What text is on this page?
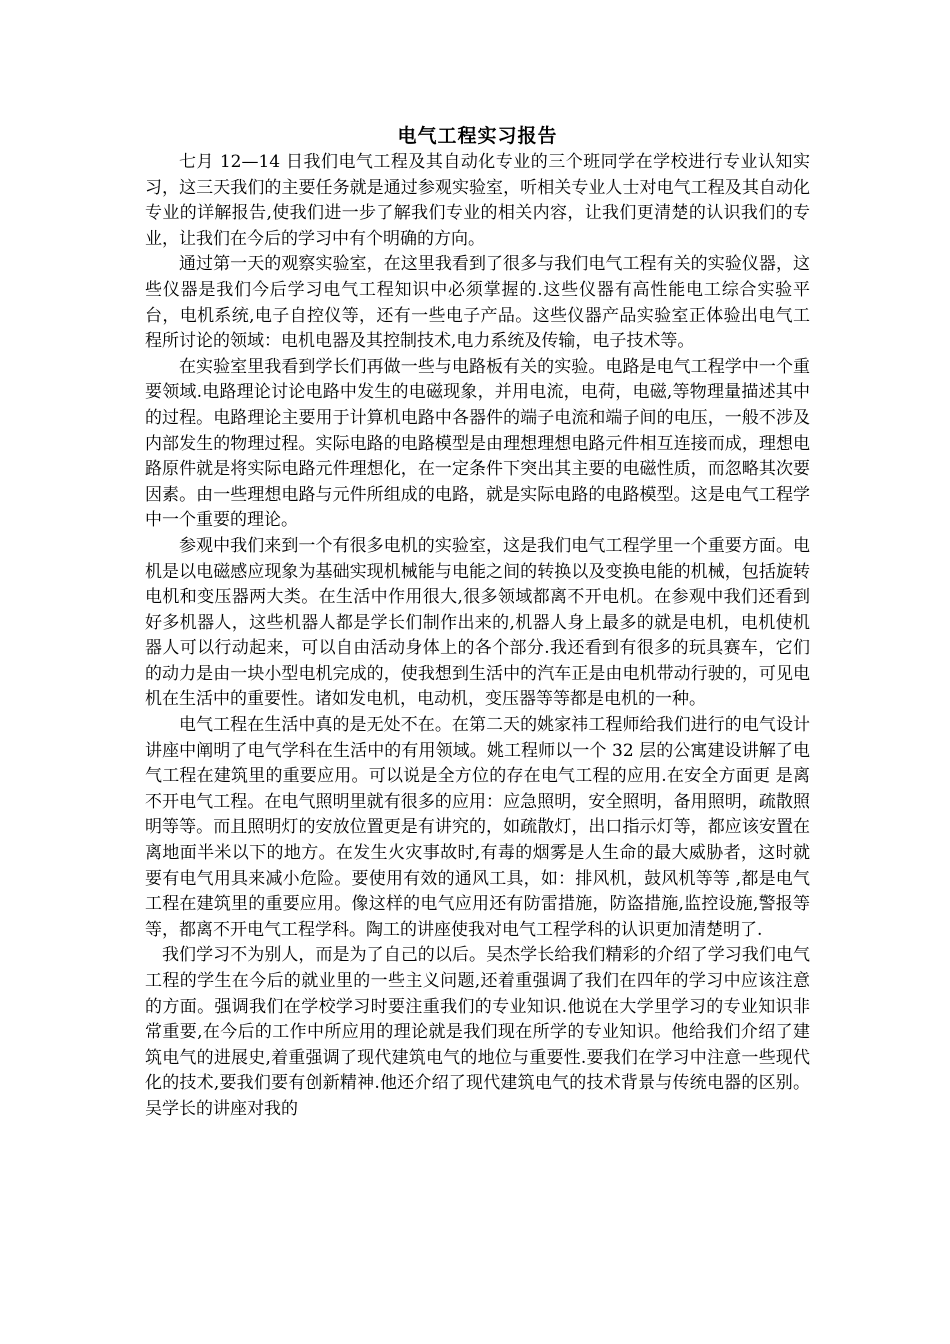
电气工程实习报告

七月 12—14 日我们电气工程及其自动化专业的三个班同学在学校进行专业认知实习，这三天我们的主要任务就是通过参观实验室，听相关专业人士对电气工程及其自动化专业的详解报告,使我们进一步了解我们专业的相关内容，让我们更清楚的认识我们的专业，让我们在今后的学习中有个明确的方向。

通过第一天的观察实验室，在这里我看到了很多与我们电气工程有关的实验仪器，这些仪器是我们今后学习电气工程知识中必须掌握的.这些仪器有高性能电工综合实验平台，电机系统,电子自控仪等，还有一些电子产品。这些仪器产品实验室正体验出电气工程所讨论的领域：电机电器及其控制技术,电力系统及传输，电子技术等。

在实验室里我看到学长们再做一些与电路板有关的实验。电路是电气工程学中一个重要领域.电路理论讨论电路中发生的电磁现象，并用电流，电荷，电磁,等物理量描述其中的过程。电路理论主要用于计算机电路中各器件的端子电流和端子间的电压，一般不涉及内部发生的物理过程。实际电路的电路模型是由理想理想电路元件相互连接而成，理想电路原件就是将实际电路元件理想化，在一定条件下突出其主要的电磁性质，而忽略其次要因素。由一些理想电路与元件所组成的电路，就是实际电路的电路模型。这是电气工程学中一个重要的理论。

参观中我们来到一个有很多电机的实验室，这是我们电气工程学里一个重要方面。电机是以电磁感应现象为基础实现机械能与电能之间的转换以及变换电能的机械，包括旋转电机和变压器两大类。在生活中作用很大,很多领域都离不开电机。在参观中我们还看到好多机器人，这些机器人都是学长们制作出来的,机器人身上最多的就是电机，电机使机器人可以行动起来，可以自由活动身体上的各个部分.我还看到有很多的玩具赛车，它们的动力是由一块小型电机完成的，使我想到生活中的汽车正是由电机带动行驶的，可见电机在生活中的重要性。诸如发电机，电动机，变压器等等都是电机的一种。

电气工程在生活中真的是无处不在。在第二天的姚家祎工程师给我们进行的电气设计讲座中阐明了电气学科在生活中的有用领域。姚工程师以一个 32 层的公寓建设讲解了电气工程在建筑里的重要应用。可以说是全方位的存在电气工程的应用.在安全方面更 是离不开电气工程。在电气照明里就有很多的应用：应急照明，安全照明，备用照明，疏散照明等等。而且照明灯的安放位置更是有讲究的，如疏散灯，出口指示灯等，都应该安置在离地面半米以下的地方。在发生火灾事故时,有毒的烟雾是人生命的最大威胁者，这时就要有电气用具来减小危险。要使用有效的通风工具，如：排风机，鼓风机等等 ,都是电气工程在建筑里的重要应用。像这样的电气应用还有防雷措施，防盗措施,监控设施,警报等等，都离不开电气工程学科。陶工的讲座使我对电气工程学科的认识更加清楚明了.

我们学习不为别人，而是为了自己的以后。吴杰学长给我们精彩的介绍了学习我们电气工程的学生在今后的就业里的一些主义问题,还着重强调了我们在四年的学习中应该注意的方面。强调我们在学校学习时要注重我们的专业知识.他说在大学里学习的专业知识非常重要,在今后的工作中所应用的理论就是我们现在所学的专业知识。他给我们介绍了建筑电气的进展史,着重强调了现代建筑电气的地位与重要性.要我们在学习中注意一些现代化的技术,要我们要有创新精神.他还介绍了现代建筑电气的技术背景与传统电器的区别。吴学长的讲座对我的
